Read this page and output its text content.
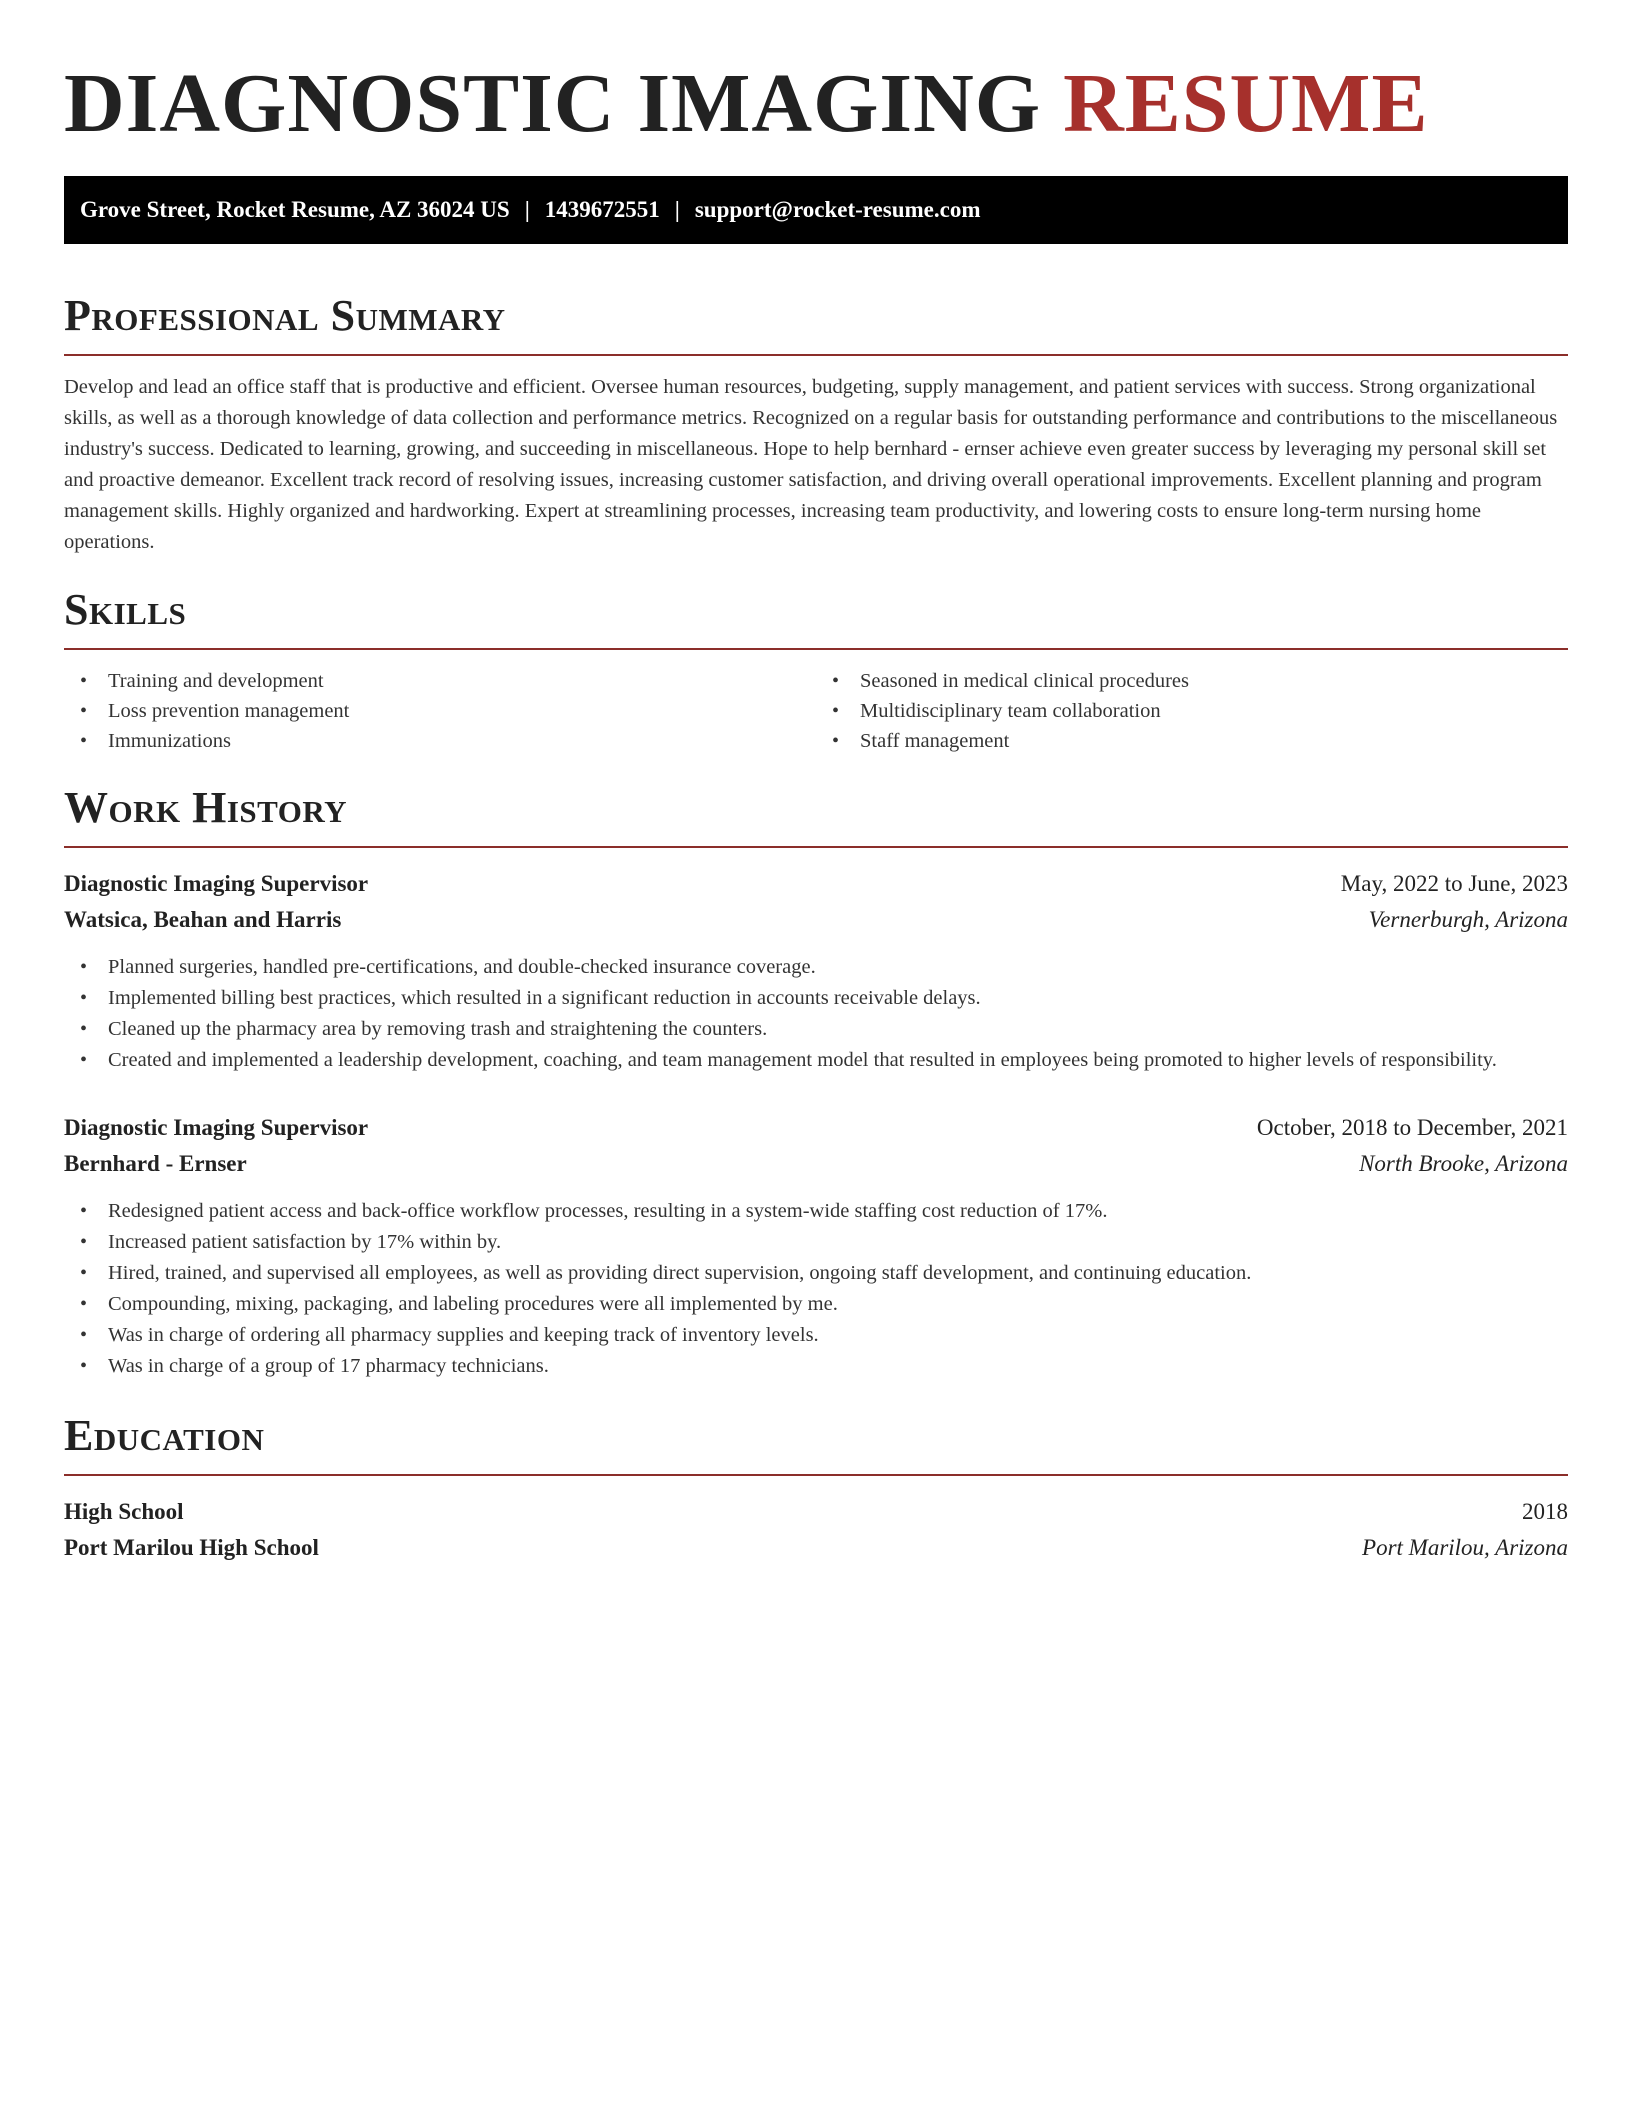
DIAGNOSTIC IMAGING RESUME
Grove Street, Rocket Resume, AZ 36024 US | 1439672551 | support@rocket-resume.com
Professional Summary

Develop and lead an office staff that is productive and efficient. Oversee human resources, budgeting, supply management, and patient services with success. Strong organizational skills, as well as a thorough knowledge of data collection and performance metrics. Recognized on a regular basis for outstanding performance and contributions to the miscellaneous industry's success. Dedicated to learning, growing, and succeeding in miscellaneous. Hope to help bernhard - ernser achieve even greater success by leveraging my personal skill set and proactive demeanor. Excellent track record of resolving issues, increasing customer satisfaction, and driving overall operational improvements. Excellent planning and program management skills. Highly organized and hardworking. Expert at streamlining processes, increasing team productivity, and lowering costs to ensure long-term nursing home operations.

Skills
• Training and development
• Loss prevention management
• Immunizations
• Seasoned in medical clinical procedures
• Multidisciplinary team collaboration
• Staff management
Work History
Diagnostic Imaging Supervisor	May, 2022 to June, 2023
Watsica, Beahan and Harris	Vernerburgh, Arizona
• Planned surgeries, handled pre-certifications, and double-checked insurance coverage.
• Implemented billing best practices, which resulted in a significant reduction in accounts receivable delays.
• Cleaned up the pharmacy area by removing trash and straightening the counters.
• Created and implemented a leadership development, coaching, and team management model that resulted in employees being promoted to higher levels of responsibility.
Diagnostic Imaging Supervisor	October, 2018 to December, 2021
Bernhard - Ernser	North Brooke, Arizona
• Redesigned patient access and back-office workflow processes, resulting in a system-wide staffing cost reduction of 17%.
• Increased patient satisfaction by 17% within by.
• Hired, trained, and supervised all employees, as well as providing direct supervision, ongoing staff development, and continuing education.
• Compounding, mixing, packaging, and labeling procedures were all implemented by me.
• Was in charge of ordering all pharmacy supplies and keeping track of inventory levels.
• Was in charge of a group of 17 pharmacy technicians.
Education
High School	2018
Port Marilou High School	Port Marilou, Arizona
